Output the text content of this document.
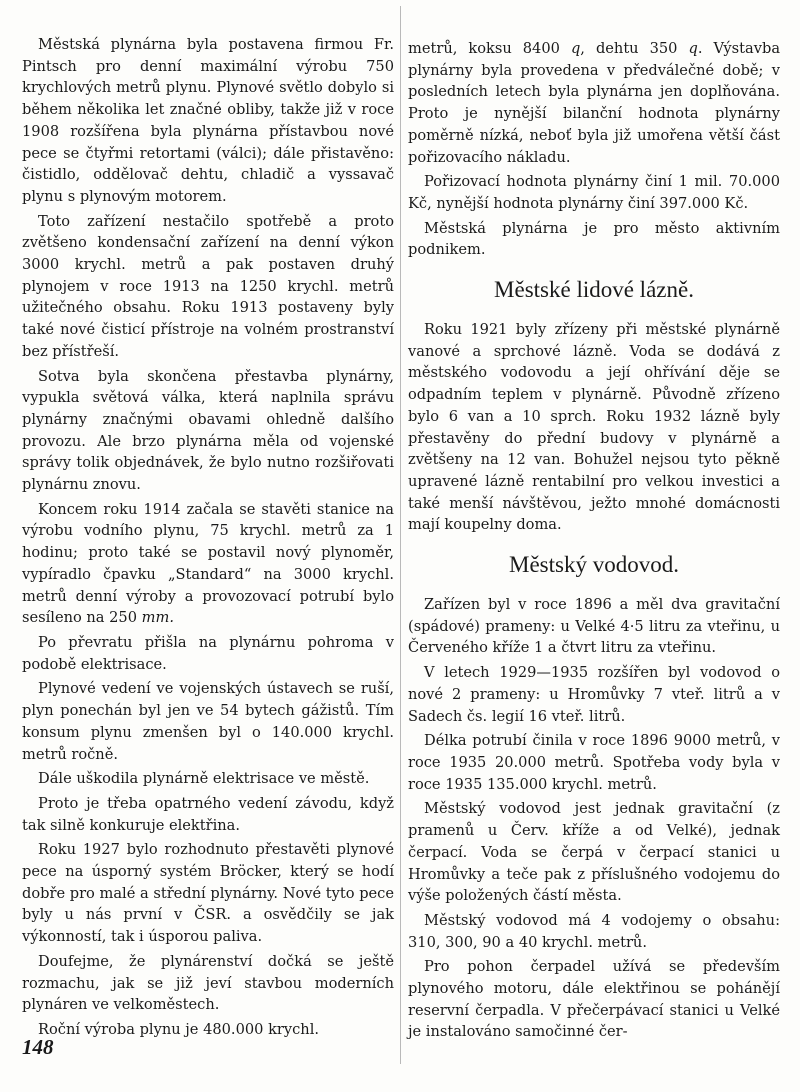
Městská plynárna byla postavena firmou Fr. Pintsch pro denní maximální výrobu 750 krychlových metrů plynu. Plynové světlo dobylo si během několika let značné obliby, takže již v roce 1908 rozšířena byla plynárna přístavbou nové pece se čtyřmi retortami (válci); dále přistavěno: čistidlo, oddělovač dehtu, chladič a vyssavač plynu s plynovým motorem.

Toto zařízení nestačilo spotřebě a proto zvětšeno kondensační zařízení na denní výkon 3000 krychl. metrů a pak postaven druhý plynojem v roce 1913 na 1250 krychl. metrů užitečného obsahu. Roku 1913 postaveny byly také nové čisticí přístroje na volném prostranství bez přístřeší.

Sotva byla skončena přestavba plynárny, vypukla světová válka, která naplnila správu plynárny značnými obavami ohledně dalšího provozu. Ale brzo plynárna měla od vojenské správy tolik objednávek, že bylo nutno rozšiřovati plynárnu znovu.

Koncem roku 1914 začala se stavěti stanice na výrobu vodního plynu, 75 krychl. metrů za 1 hodinu; proto také se postavil nový plynoměr, vypíradlo čpavku „Standard“ na 3000 krychl. metrů denní výroby a provozovací potrubí bylo sesíleno na 250 mm.

Po převratu přišla na plynárnu pohroma v podobě elektrisace.

Plynové vedení ve vojenských ústavech se ruší, plyn ponechán byl jen ve 54 bytech gážistů. Tím konsum plynu zmenšen byl o 140.000 krychl. metrů ročně.

Dále uškodila plynárně elektrisace ve městě.

Proto je třeba opatrného vedení závodu, když tak silně konkuruje elektřina.

Roku 1927 bylo rozhodnuto přestavěti plynové pece na úsporný systém Bröcker, který se hodí dobře pro malé a střední plynárny. Nové tyto pece byly u nás první v ČSR. a osvědčily se jak výkonností, tak i úsporou paliva.

Doufejme, že plynárenství dočká se ještě rozmachu, jak se již jeví stavbou moderních plynáren ve velkoměstech.

Roční výroba plynu je 480.000 krychl.

metrů, koksu 8400 q, dehtu 350 q. Výstavba plynárny byla provedena v předválečné době; v posledních letech byla plynárna jen doplňována. Proto je nynější bilanční hodnota plynárny poměrně nízká, neboť byla již umořena větší část pořizovacího nákladu.

Pořizovací hodnota plynárny činí 1 mil. 70.000 Kč, nynější hodnota plynárny činí 397.000 Kč.

Městská plynárna je pro město aktivním podnikem.

Městské lidové lázně.

Roku 1921 byly zřízeny při městské plynárně vanové a sprchové lázně. Voda se dodává z městského vodovodu a její ohřívání děje se odpadním teplem v plynárně. Původně zřízeno bylo 6 van a 10 sprch. Roku 1932 lázně byly přestavěny do přední budovy v plynárně a zvětšeny na 12 van. Bohužel nejsou tyto pěkně upravené lázně rentabilní pro velkou investici a také menší návštěvou, ježto mnohé domácnosti mají koupelny doma.

Městský vodovod.

Zařízen byl v roce 1896 a měl dva gravitační (spádové) prameny: u Velké 4·5 litru za vteřinu, u Červeného kříže 1 a čtvrt litru za vteřinu.

V letech 1929—1935 rozšířen byl vodovod o nové 2 prameny: u Hromůvky 7 vteř. litrů a v Sadech čs. legií 16 vteř. litrů.

Délka potrubí činila v roce 1896 9000 metrů, v roce 1935 20.000 metrů. Spotřeba vody byla v roce 1935 135.000 krychl. metrů.

Městský vodovod jest jednak gravitační (z pramenů u Červ. kříže a od Velké), jednak čerpací. Voda se čerpá v čerpací stanici u Hromůvky a teče pak z příslušného vodojemu do výše položených částí města.

Městský vodovod má 4 vodojemy o obsahu: 310, 300, 90 a 40 krychl. metrů.

Pro pohon čerpadel užívá se především plynového motoru, dále elektřinou se pohánějí reservní čerpadla. V přečerpávací stanici u Velké je instalováno samočinné čer-

148
